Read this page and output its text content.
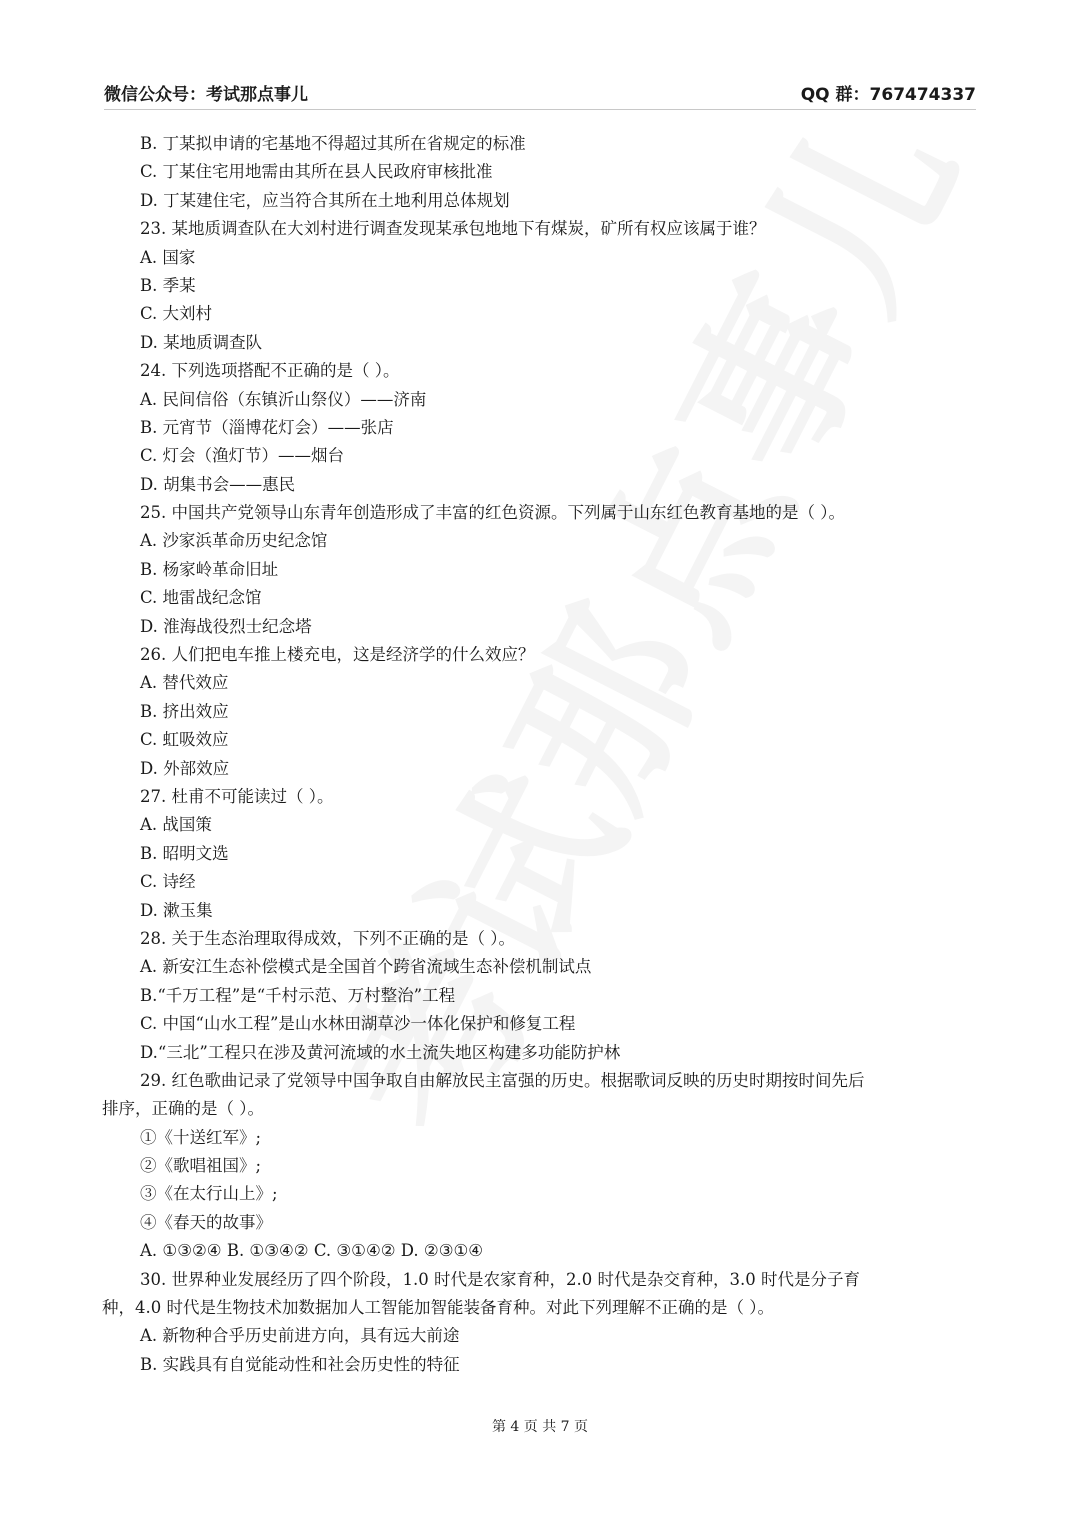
微信公众号：考试那点事儿	QQ 群：767474337
B. 丁某拟申请的宅基地不得超过其所在省规定的标准
C. 丁某住宅用地需由其所在县人民政府审核批准
D. 丁某建住宅，应当符合其所在土地利用总体规划
23. 某地质调查队在大刘村进行调查发现某承包地地下有煤炭，矿所有权应该属于谁？
A. 国家
B. 季某
C. 大刘村
D. 某地质调查队
24. 下列选项搭配不正确的是（ ）。
A. 民间信俗（东镇沂山祭仪）——济南
B. 元宵节（淄博花灯会）——张店
C. 灯会（渔灯节）——烟台
D. 胡集书会——惠民
25. 中国共产党领导山东青年创造形成了丰富的红色资源。下列属于山东红色教育基地的是（ ）。
A. 沙家浜革命历史纪念馆
B. 杨家岭革命旧址
C. 地雷战纪念馆
D. 淮海战役烈士纪念塔
26. 人们把电车推上楼充电，这是经济学的什么效应？
A. 替代效应
B. 挤出效应
C. 虹吸效应
D. 外部效应
27. 杜甫不可能读过（ ）。
A. 战国策
B. 昭明文选
C. 诗经
D. 漱玉集
28. 关于生态治理取得成效，下列不正确的是（ ）。
A. 新安江生态补偿模式是全国首个跨省流域生态补偿机制试点
B.“千万工程”是“千村示范、万村整治”工程
C. 中国“山水工程”是山水林田湖草沙一体化保护和修复工程
D.“三北”工程只在涉及黄河流域的水土流失地区构建多功能防护林
29. 红色歌曲记录了党领导中国争取自由解放民主富强的历史。根据歌词反映的历史时期按时间先后
排序，正确的是（ ）。
①《十送红军》;
②《歌唱祖国》;
③《在太行山上》;
④《春天的故事》
A. ①③②④ B. ①③④② C. ③①④② D. ②③①④
30. 世界种业发展经历了四个阶段，1.0 时代是农家育种，2.0 时代是杂交育种，3.0 时代是分子育
种，4.0 时代是生物技术加数据加人工智能加智能装备育种。对此下列理解不正确的是（ ）。
A. 新物种合乎历史前进方向，具有远大前途
B. 实践具有自觉能动性和社会历史性的特征
第 4 页 共 7 页
